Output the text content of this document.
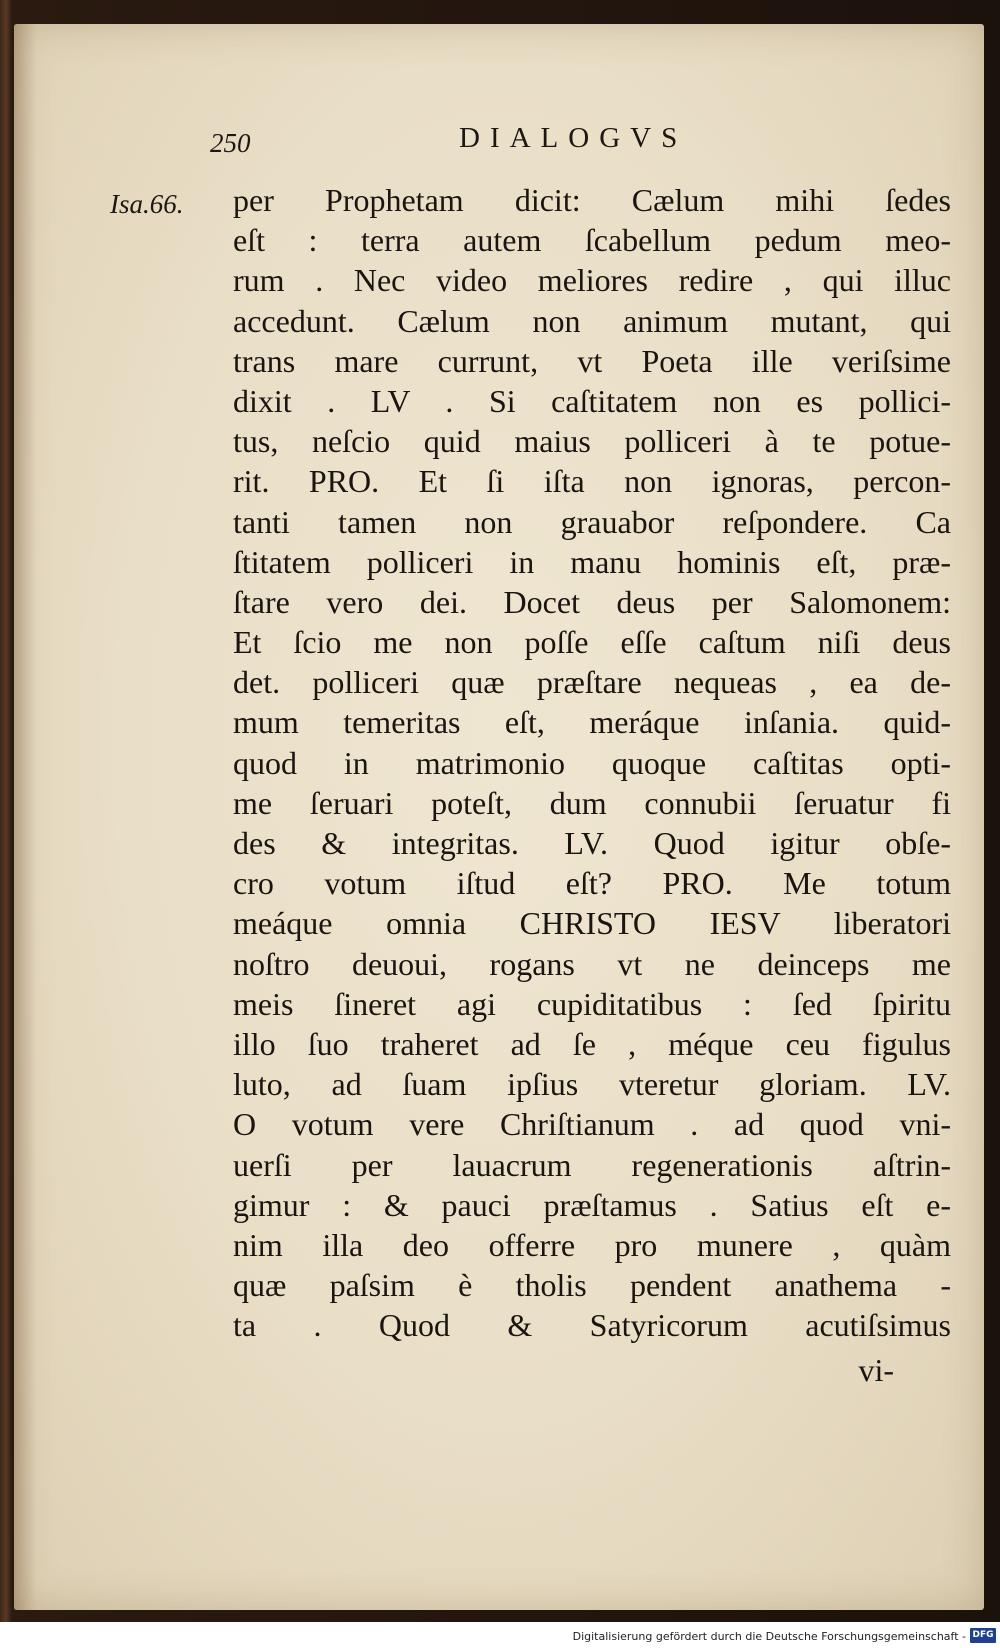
250	DIALOGVS
Isa.66. per Prophetam dicit: Cælum mihi ſedes
eſt : terra autem ſcabellum pedum meo-
rum . Nec video meliores redire , qui illuc
accedunt. Cælum non animum mutant, qui
trans mare currunt, vt Poeta ille veriſsime
dixit . LV . Si caſtitatem non es pollici-
tus, neſcio quid maius polliceri à te potue-
rit. PRO. Et ſi iſta non ignoras, percon-
tanti tamen non grauabor reſpondere. Ca
ſtitatem polliceri in manu hominis eſt, præ-
ſtare vero dei. Docet deus per Salomonem:
Et ſcio me non poſſe eſſe caſtum niſi deus
det. polliceri quæ præſtare nequeas , ea de-
mum temeritas eſt, meráque inſania. quid-
quod in matrimonio quoque caſtitas opti-
me ſeruari poteſt, dum connubii ſeruatur fi
des & integritas. LV. Quod igitur obſe-
cro votum iſtud eſt? PRO. Me totum
meáque omnia CHRISTO IESV liberatori
noſtro deuoui, rogans vt ne deinceps me
meis ſineret agi cupiditatibus : ſed ſpiritu
illo ſuo traheret ad ſe , méque ceu figulus
luto, ad ſuam ipſius vteretur gloriam. LV.
O votum vere Chriſtianum . ad quod vni-
uerſi per lauacrum regenerationis aſtrin-
gimur : & pauci præſtamus . Satius eſt e-
nim illa deo offerre pro munere , quàm
quæ paſsim è tholis pendent anathema -
ta . Quod & Satyricorum acutiſsimus
vi-
Digitalisierung gefördert durch die Deutsche Forschungsgemeinschaft - DFG
